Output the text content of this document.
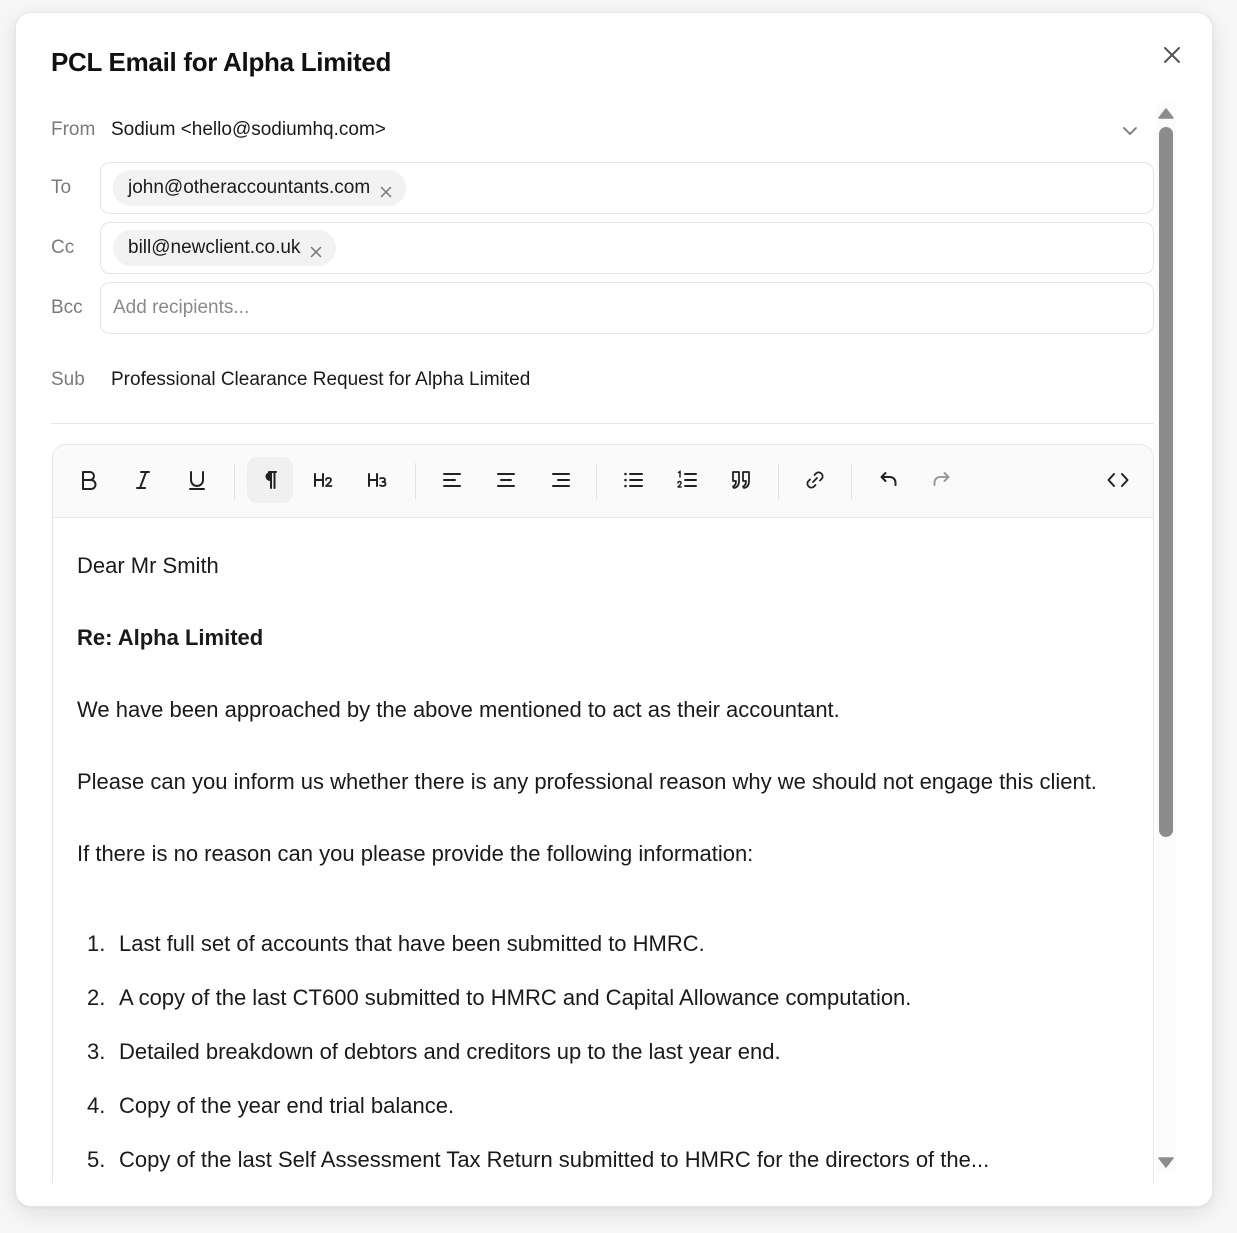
PCL Email for Alpha Limited
From Sodium <hello@sodiumhq.com>
To	john@otheraccountants.com
Cc	bill@newclient.co.uk
Bcc
Add recipients...
Sub Professional Clearance Request for Alpha Limited

Dear Mr Smith

Re: Alpha Limited

We have been approached by the above mentioned to act as their accountant.

Please can you inform us whether there is any professional reason why we should not engage this client.

If there is no reason can you please provide the following information:

1. Last full set of accounts that have been submitted to HMRC.
2. A copy of the last CT600 submitted to HMRC and Capital Allowance computation.
3. Detailed breakdown of debtors and creditors up to the last year end.
4. Copy of the year end trial balance.
5. Copy of the last Self Assessment Tax Return submitted to HMRC for the directors of the...
